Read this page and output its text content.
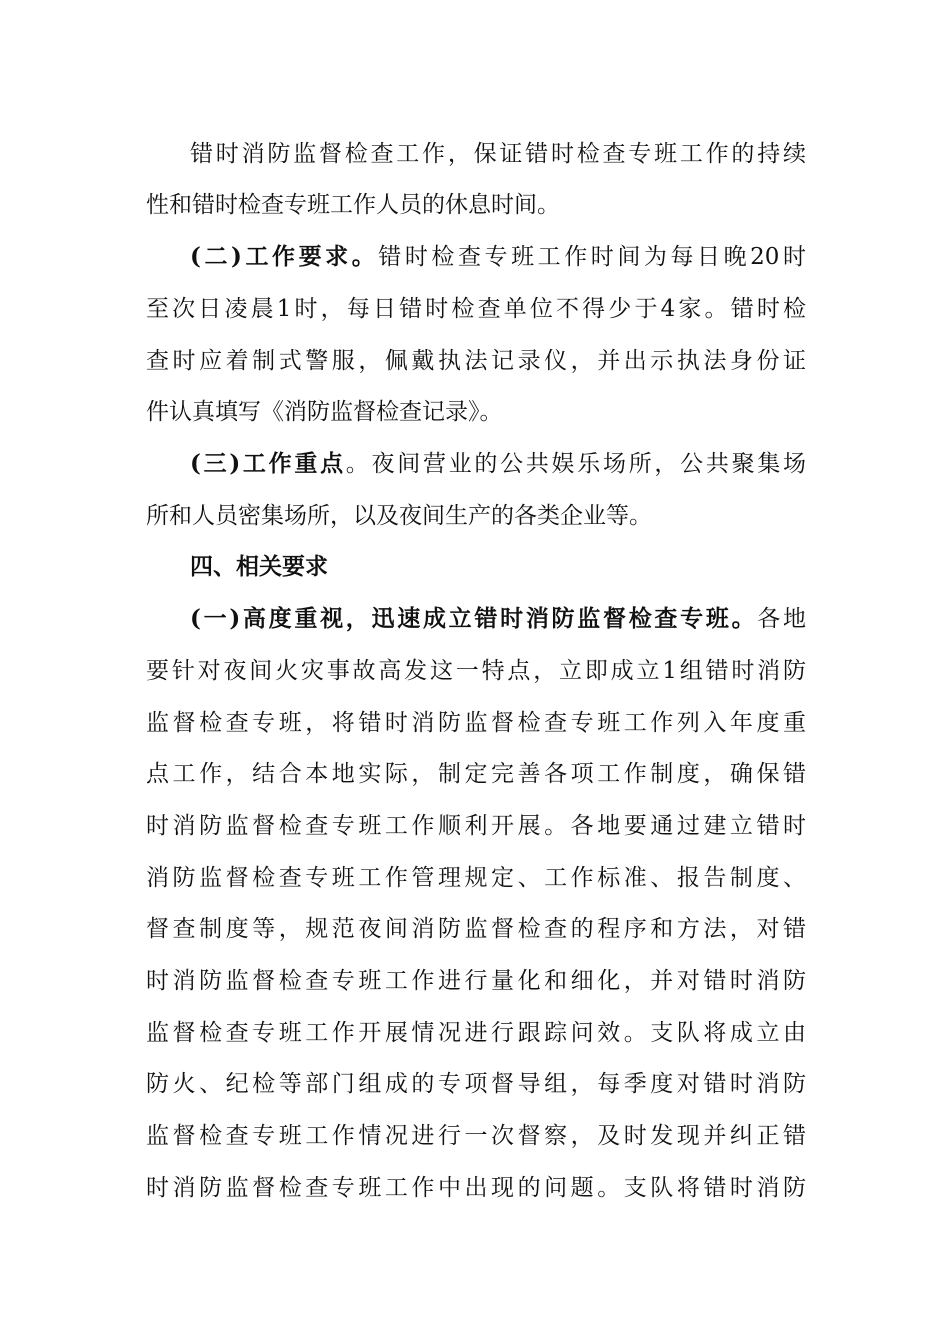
错时消防监督检查工作，保证错时检查专班工作的持续
性和错时检查专班工作人员的休息时间。
(二)工作要求。错时检查专班工作时间为每日晚20时
至次日凌晨1时，每日错时检查单位不得少于4家。错时检
查时应着制式警服，佩戴执法记录仪，并出示执法身份证
件认真填写《消防监督检查记录》。
(三)工作重点。夜间营业的公共娱乐场所，公共聚集场
所和人员密集场所，以及夜间生产的各类企业等。
四、相关要求
(一)高度重视，迅速成立错时消防监督检查专班。各地
要针对夜间火灾事故高发这一特点，立即成立1组错时消防
监督检查专班，将错时消防监督检查专班工作列入年度重
点工作，结合本地实际，制定完善各项工作制度，确保错
时消防监督检查专班工作顺利开展。各地要通过建立错时
消防监督检查专班工作管理规定、工作标准、报告制度、
督查制度等，规范夜间消防监督检查的程序和方法，对错
时消防监督检查专班工作进行量化和细化，并对错时消防
监督检查专班工作开展情况进行跟踪问效。支队将成立由
防火、纪检等部门组成的专项督导组，每季度对错时消防
监督检查专班工作情况进行一次督察，及时发现并纠正错
时消防监督检查专班工作中出现的问题。支队将错时消防
